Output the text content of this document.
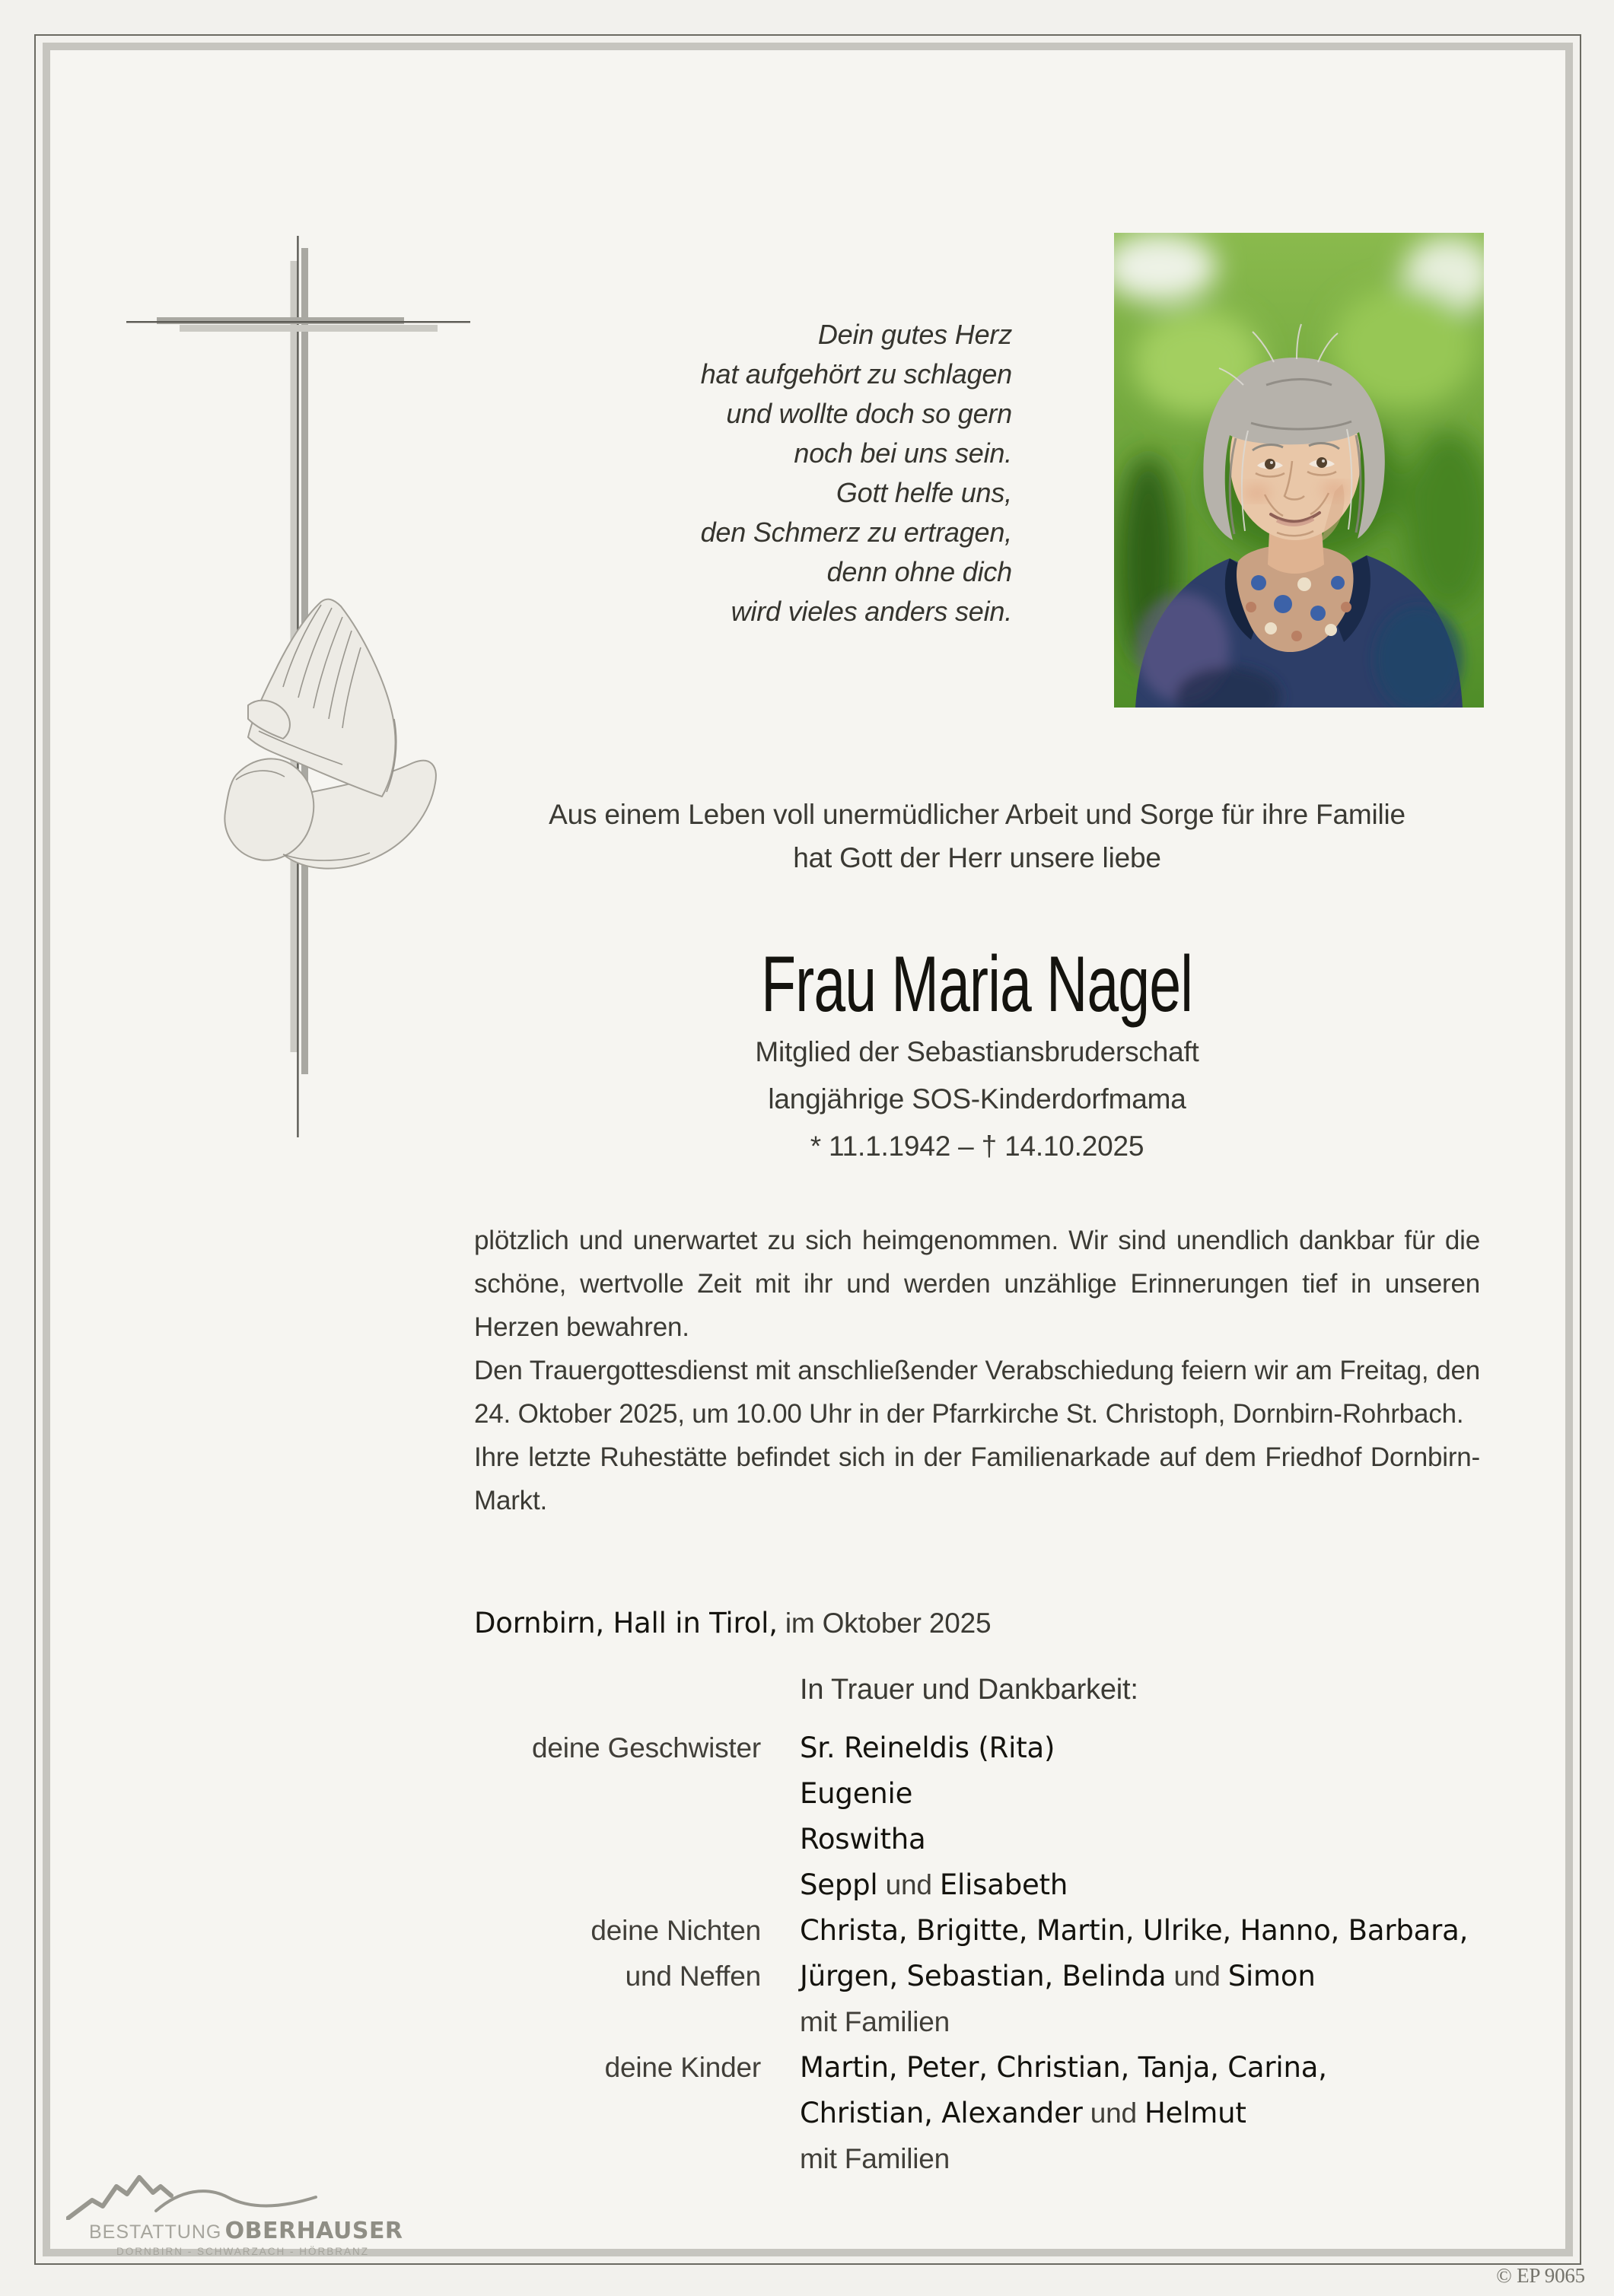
Dein gutes Herz
hat aufgehört zu schlagen
und wollte doch so gern
noch bei uns sein.
Gott helfe uns,
den Schmerz zu ertragen,
denn ohne dich
wird vieles anders sein.
Aus einem Leben voll unermüdlicher Arbeit und Sorge für ihre Familie
hat Gott der Herr unsere liebe
Frau Maria Nagel
Mitglied der Sebastiansbruderschaft
langjährige SOS-Kinderdorfmama
* 11.1.1942 – † 14.10.2025

plötzlich und unerwartet zu sich heimgenommen. Wir sind unendlich dankbar für die schöne, wertvolle Zeit mit ihr und werden unzählige Erinnerungen tief in unseren Herzen bewahren.

Den Trauergottesdienst mit anschließender Verabschiedung feiern wir am Freitag, den 24. Oktober 2025, um 10.00 Uhr in der Pfarrkirche St. Christoph, Dornbirn-Rohrbach.

Ihre letzte Ruhestätte befindet sich in der Familienarkade auf dem Friedhof Dornbirn-Markt.

Dornbirn, Hall in Tirol, im Oktober 2025
In Trauer und Dankbarkeit:
deine Geschwister	Sr. Reineldis (Rita)
Eugenie
Roswitha
Seppl und Elisabeth
deine Nichten	Christa, Brigitte, Martin, Ulrike, Hanno, Barbara,
und Neffen	Jürgen, Sebastian, Belinda und Simon
mit Familien
deine Kinder	Martin, Peter, Christian, Tanja, Carina,
Christian, Alexander und Helmut
mit Familien
BESTATTUNG OBERHAUSER
DORNBIRN - SCHWARZACH - HÖRBRANZ
© EP 9065
